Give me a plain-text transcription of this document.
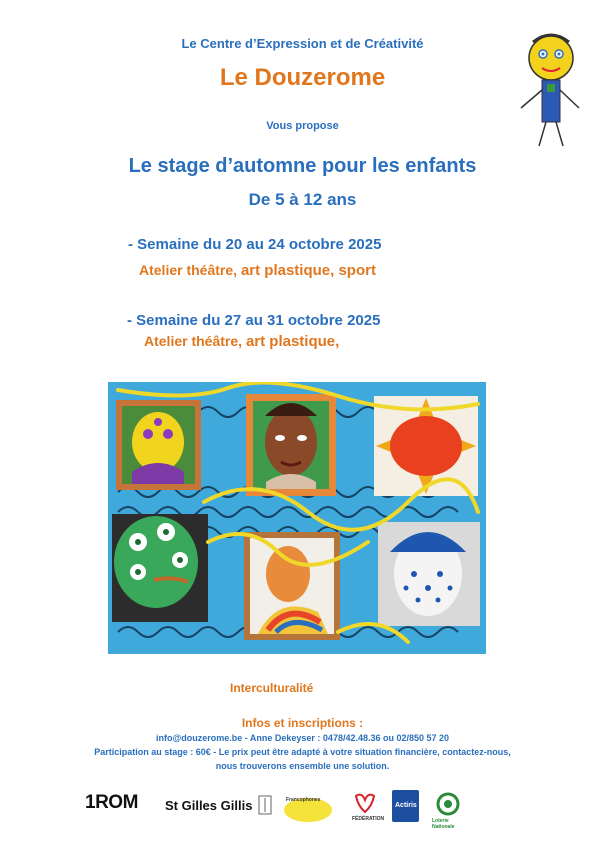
Le Centre d’Expression et de Créativité
Le Douzerome
Vous propose
Le stage d’automne pour les enfants
De 5 à 12 ans
- Semaine du 20 au 24 octobre 2025
Atelier théâtre, art plastique, sport
- Semaine du 27 au 31 octobre 2025
Atelier théâtre, art plastique,
Interculturalité
Infos et inscriptions :
info@douzerome.be - Anne Dekeyser : 0478/42.48.36 ou 02/850 57 20
Participation au stage : 60€ - Le prix peut être adapté à votre situation financière, contactez-nous,
nous trouverons ensemble une solution.
1ROM St Gilles Gillis	Francophones
FÉDÉRATION
Actiris
Loterie Nationale
